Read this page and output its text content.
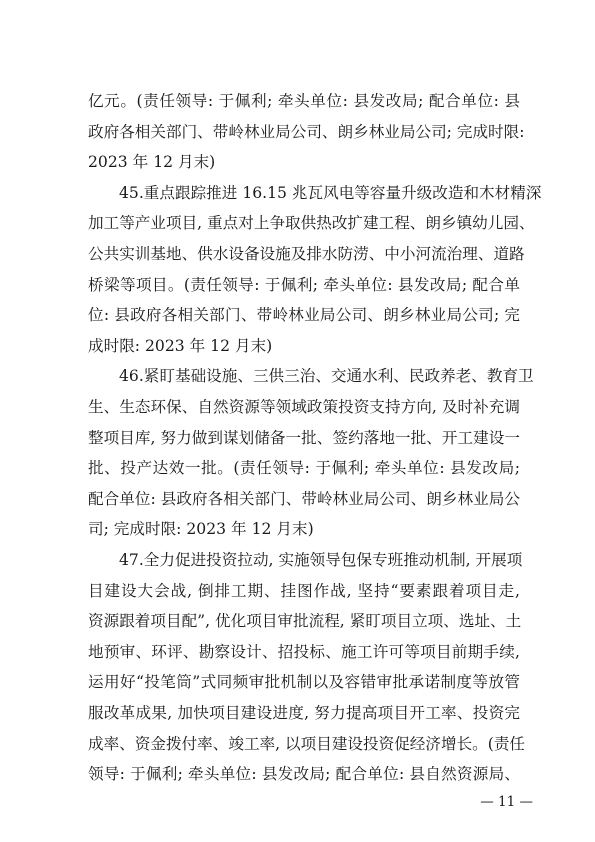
亿元。(责任领导: 于佩利; 牵头单位: 县发改局; 配合单位: 县
政府各相关部门、带岭林业局公司、朗乡林业局公司; 完成时限:
2023 年 12 月末)
45.重点跟踪推进 16.15 兆瓦风电等容量升级改造和木材精深
加工等产业项目, 重点对上争取供热改扩建工程、朗乡镇幼儿园、
公共实训基地、供水设备设施及排水防涝、中小河流治理、道路
桥梁等项目。(责任领导: 于佩利; 牵头单位: 县发改局; 配合单
位: 县政府各相关部门、带岭林业局公司、朗乡林业局公司; 完
成时限: 2023 年 12 月末)
46.紧盯基础设施、三供三治、交通水利、民政养老、教育卫
生、生态环保、自然资源等领域政策投资支持方向, 及时补充调
整项目库, 努力做到谋划储备一批、签约落地一批、开工建设一
批、投产达效一批。(责任领导: 于佩利; 牵头单位: 县发改局;
配合单位: 县政府各相关部门、带岭林业局公司、朗乡林业局公
司; 完成时限: 2023 年 12 月末)
47.全力促进投资拉动, 实施领导包保专班推动机制, 开展项
目建设大会战, 倒排工期、挂图作战, 坚持“要素跟着项目走,
资源跟着项目配”, 优化项目审批流程, 紧盯项目立项、选址、土
地预审、环评、勘察设计、招投标、施工许可等项目前期手续,
运用好“投笔筒”式同频审批机制以及容错审批承诺制度等放管
服改革成果, 加快项目建设进度, 努力提高项目开工率、投资完
成率、资金拨付率、竣工率, 以项目建设投资促经济增长。(责任
领导: 于佩利; 牵头单位: 县发改局; 配合单位: 县自然资源局、
— 11 —
